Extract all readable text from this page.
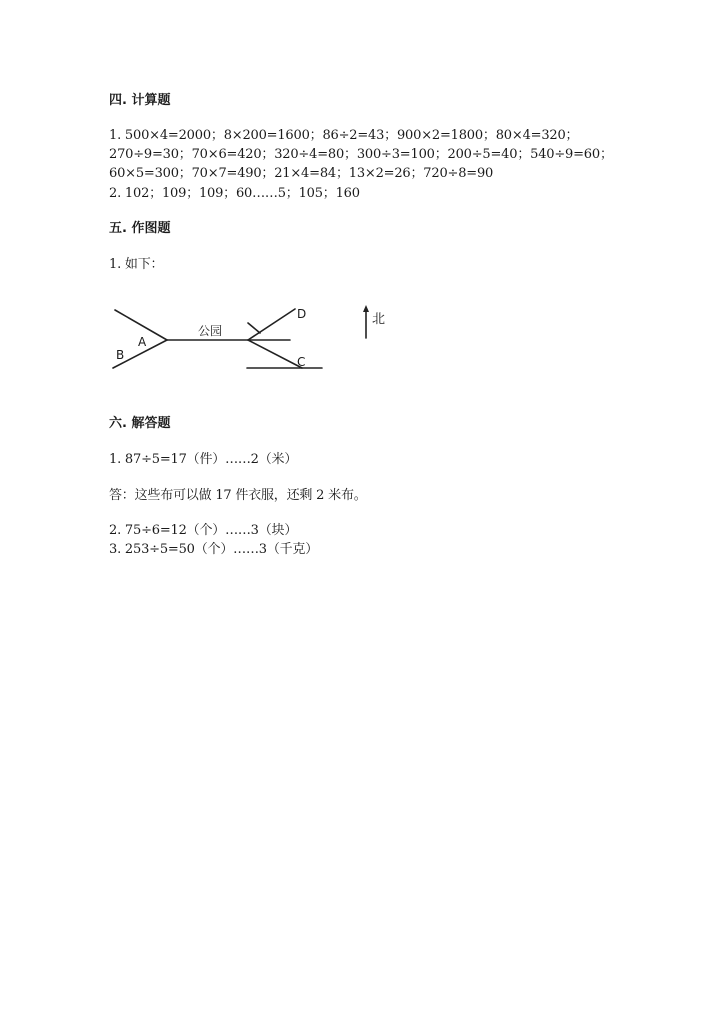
四. 计算题
1. 500×4=2000；8×200=1600；86÷2=43；900×2=1800；80×4=320；
270÷9=30；70×6=420；320÷4=80；300÷3=100；200÷5=40；540÷9=60；
60×5=300；70×7=490；21×4=84；13×2=26；720÷8=90
2. 102；109；109；60……5；105；160
五. 作图题
1. 如下：
A
B
公园
D
C
北
六. 解答题
1. 87÷5=17（件）……2（米）
答：这些布可以做 17 件衣服，还剩 2 米布。
2. 75÷6=12（个）……3（块）
3. 253÷5=50（个）……3（千克）
